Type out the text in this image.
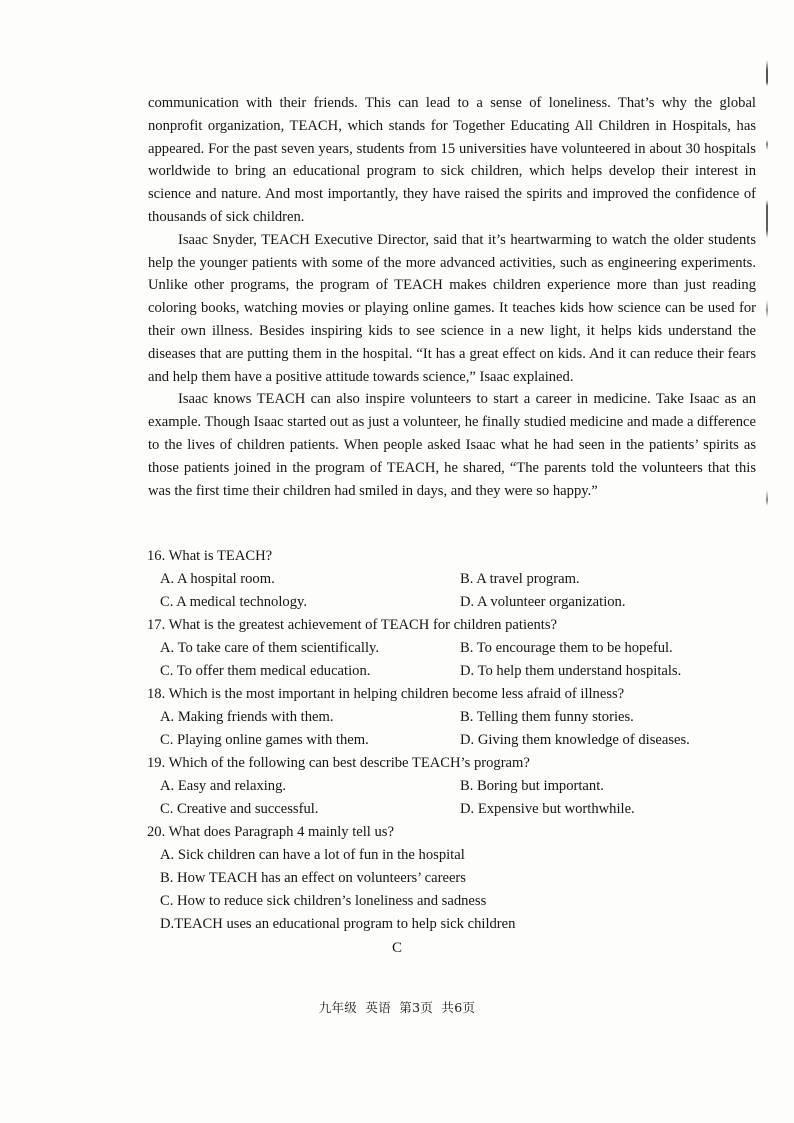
communication with their friends. This can lead to a sense of loneliness. That’s why the global nonprofit organization, TEACH, which stands for Together Educating All Children in Hospitals, has appeared. For the past seven years, students from 15 universities have volunteered in about 30 hospitals worldwide to bring an educational program to sick children, which helps develop their interest in science and nature. And most importantly, they have raised the spirits and improved the confidence of thousands of sick children.

Isaac Snyder, TEACH Executive Director, said that it’s heartwarming to watch the older students help the younger patients with some of the more advanced activities, such as engineering experiments. Unlike other programs, the program of TEACH makes children experience more than just reading coloring books, watching movies or playing online games. It teaches kids how science can be used for their own illness. Besides inspiring kids to see science in a new light, it helps kids understand the diseases that are putting them in the hospital. “It has a great effect on kids. And it can reduce their fears and help them have a positive attitude towards science,” Isaac explained.

Isaac knows TEACH can also inspire volunteers to start a career in medicine. Take Isaac as an example. Though Isaac started out as just a volunteer, he finally studied medicine and made a difference to the lives of children patients. When people asked Isaac what he had seen in the patients’ spirits as those patients joined in the program of TEACH, he shared, “The parents told the volunteers that this was the first time their children had smiled in days, and they were so happy.”

16. What is TEACH?

A. A hospital room.	B. A travel program.
C. A medical technology.	D. A volunteer organization.

17. What is the greatest achievement of TEACH for children patients?

A. To take care of them scientifically.	B. To encourage them to be hopeful.
C. To offer them medical education.	D. To help them understand hospitals.

18. Which is the most important in helping children become less afraid of illness?

A. Making friends with them.	B. Telling them funny stories.
C. Playing online games with them.	D. Giving them knowledge of diseases.

19. Which of the following can best describe TEACH’s program?

A. Easy and relaxing.	B. Boring but important.
C. Creative and successful.	D. Expensive but worthwhile.

20. What does Paragraph 4 mainly tell us?

A. Sick children can have a lot of fun in the hospital
B. How TEACH has an effect on volunteers’ careers
C. How to reduce sick children’s loneliness and sadness
D.TEACH uses an educational program to help sick children
C
九年级 英语 第3页 共6页
